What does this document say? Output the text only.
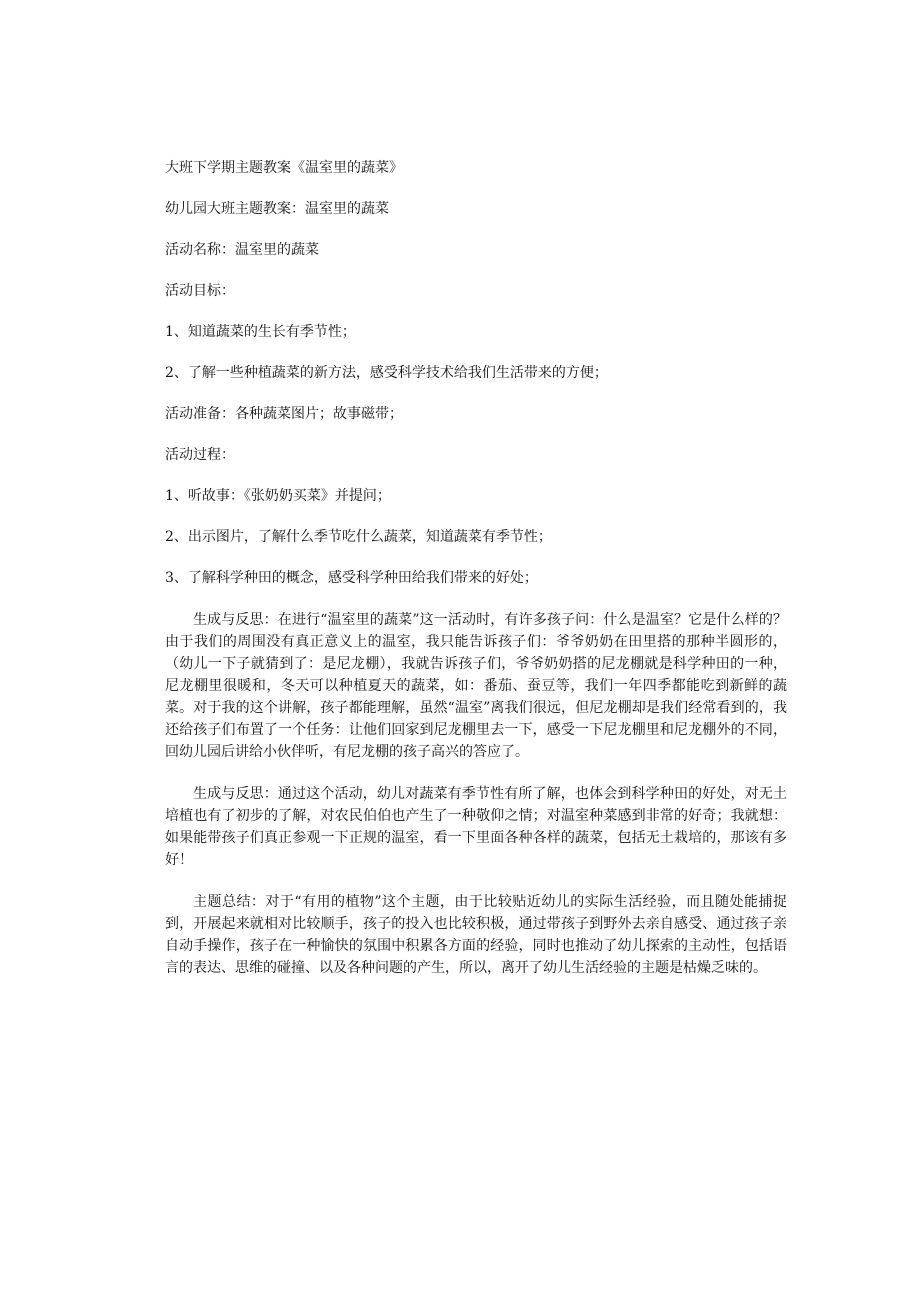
大班下学期主题教案《温室里的蔬菜》
幼儿园大班主题教案：温室里的蔬菜
活动名称：温室里的蔬菜
活动目标：
1、知道蔬菜的生长有季节性；
2、了解一些种植蔬菜的新方法，感受科学技术给我们生活带来的方便；
活动准备：各种蔬菜图片；故事磁带；
活动过程：
1、听故事：《张奶奶买菜》并提问；
2、出示图片，了解什么季节吃什么蔬菜，知道蔬菜有季节性；
3、了解科学种田的概念，感受科学种田给我们带来的好处；

生成与反思：在进行“温室里的蔬菜”这一活动时，有许多孩子问：什么是温室？它是什么样的？由于我们的周围没有真正意义上的温室，我只能告诉孩子们：爷爷奶奶在田里搭的那种半圆形的，（幼儿一下子就猜到了：是尼龙棚），我就告诉孩子们，爷爷奶奶搭的尼龙棚就是科学种田的一种，尼龙棚里很暖和，冬天可以种植夏天的蔬菜，如：番茄、蚕豆等，我们一年四季都能吃到新鲜的蔬菜。对于我的这个讲解，孩子都能理解，虽然“温室”离我们很远，但尼龙棚却是我们经常看到的，我还给孩子们布置了一个任务：让他们回家到尼龙棚里去一下，感受一下尼龙棚里和尼龙棚外的不同，回幼儿园后讲给小伙伴听，有尼龙棚的孩子高兴的答应了。

生成与反思：通过这个活动，幼儿对蔬菜有季节性有所了解，也体会到科学种田的好处，对无土培植也有了初步的了解，对农民伯伯也产生了一种敬仰之情；对温室种菜感到非常的好奇；我就想：如果能带孩子们真正参观一下正规的温室，看一下里面各种各样的蔬菜，包括无土栽培的，那该有多好！

主题总结：对于“有用的植物”这个主题，由于比较贴近幼儿的实际生活经验，而且随处能捕捉到，开展起来就相对比较顺手，孩子的投入也比较积极，通过带孩子到野外去亲自感受、通过孩子亲自动手操作，孩子在一种愉快的氛围中积累各方面的经验，同时也推动了幼儿探索的主动性，包括语言的表达、思维的碰撞、以及各种问题的产生，所以，离开了幼儿生活经验的主题是枯燥乏味的。
